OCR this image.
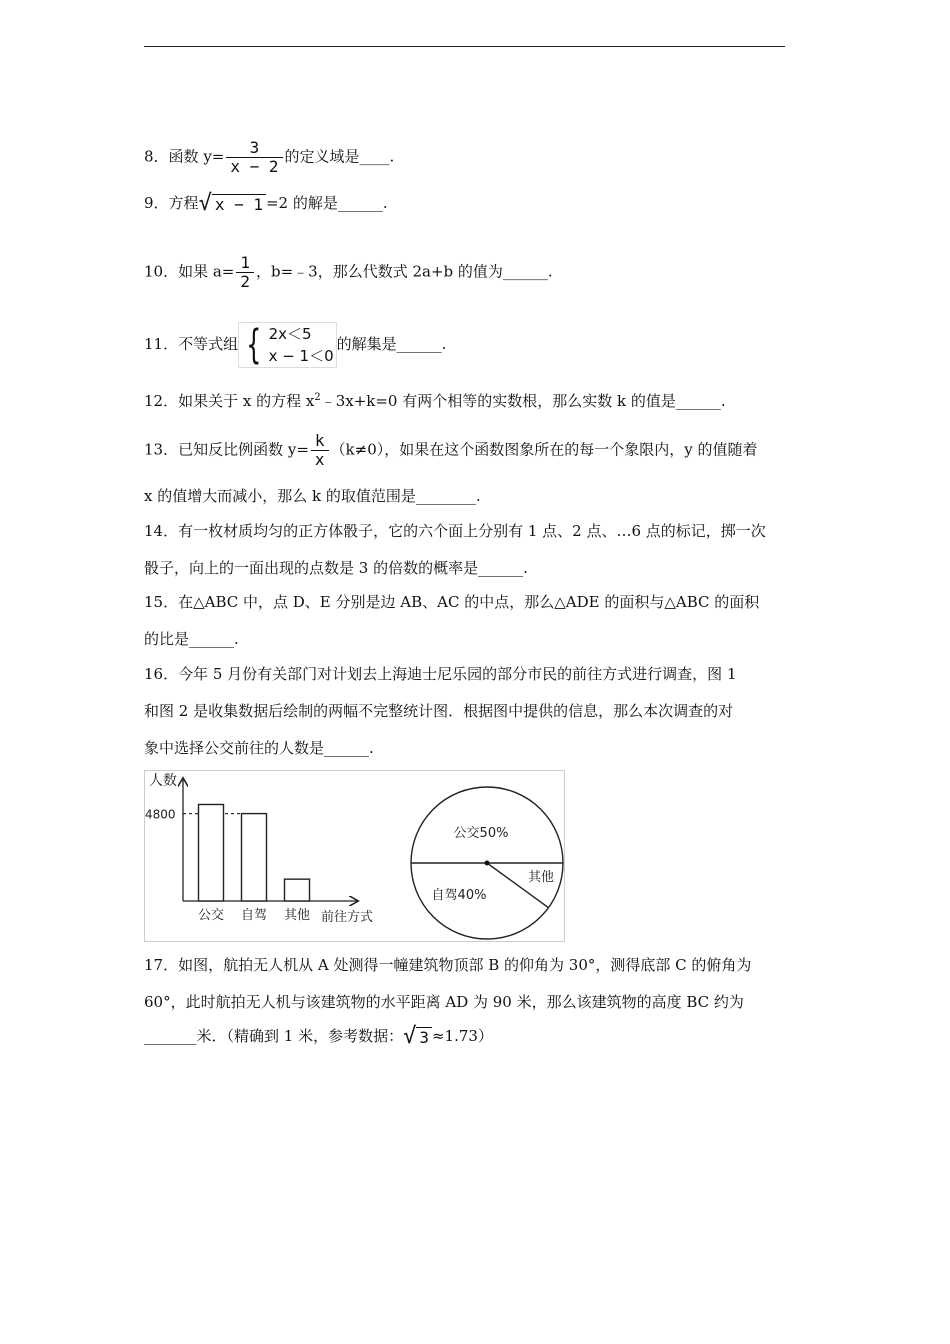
8．函数 $y= \frac{3}{x - 2}$ 的定义域是____.
9．方程√ x − 1 =2 的解是______.
10．如果 $a= \frac{1}{2}$ ，b=﹣3，那么代数式 2a+b 的值为______.
11．不等式组 { 2x＜5
x − 1＜0
的解集是______.
12．如果关于 x 的方程 $x^2﹣3x+k=0$ 有两个相等的实数根，那么实数 k 的值是______.
13．已知反比例函数 $y= \frac{k}{x} (k\ne 0)$，如果在这个函数图象所在的每一个象限内，y 的值随着
x 的值增大而减小，那么 k 的取值范围是________.
14．有一枚材质均匀的正方体骰子，它的六个面上分别有 1 点、2 点、…6 点的标记，掷一次
骰子，向上的一面出现的点数是 3 的倍数的概率是______.
15．在△ABC 中，点 D、E 分别是边 AB、AC 的中点，那么△ADE 的面积与△ABC 的面积
的比是______.
16．今年 5 月份有关部门对计划去上海迪士尼乐园的部分市民的前往方式进行调查，图 1
和图 2 是收集数据后绘制的两幅不完整统计图．根据图中提供的信息，那么本次调查的对
象中选择公交前往的人数是______.
人数
前往方式
4800
公交 自驾 其他
公交50%
自驾40%
其他
17．如图，航拍无人机从 A 处测得一幢建筑物顶部 B 的仰角为 30°，测得底部 C 的俯角为
60°，此时航拍无人机与该建筑物的水平距离 AD 为 90 米，那么该建筑物的高度 BC 约为
_______米．（精确到 1 米，参考数据：√ 3 ≈1.73）
